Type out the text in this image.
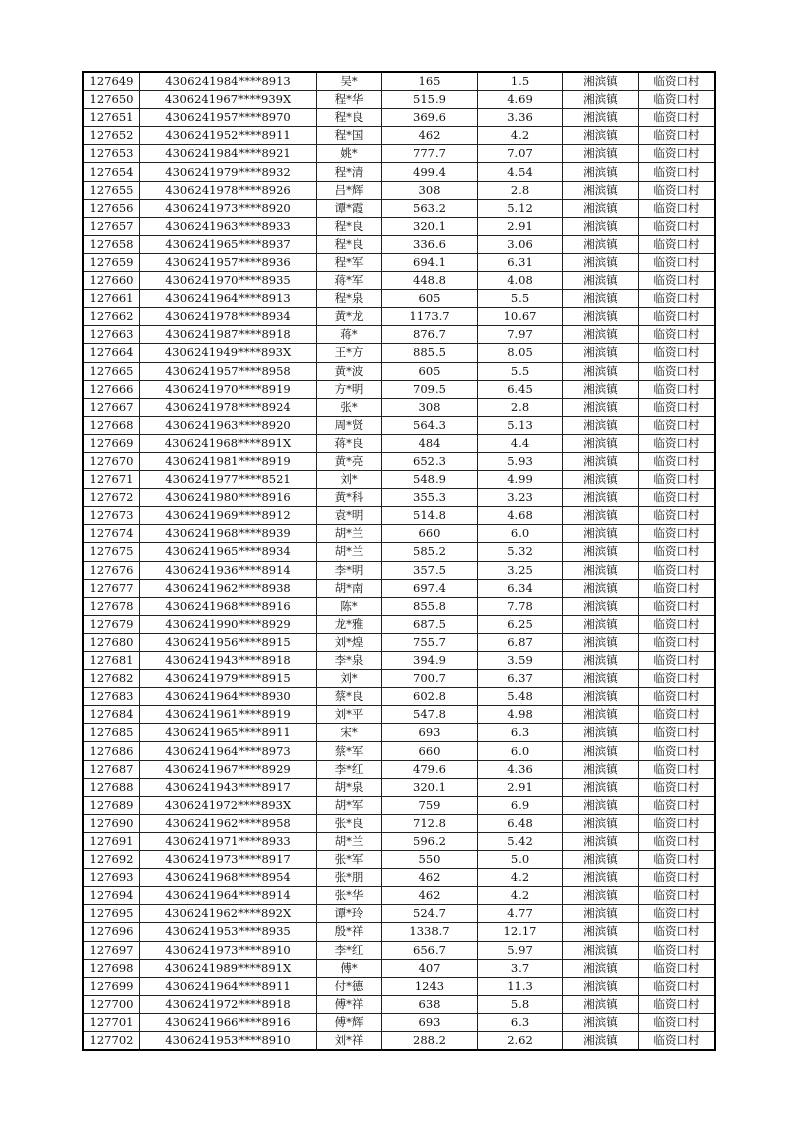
127649	4306241984****8913	吴*	165	1.5	湘滨镇	临资口村
127650	4306241967****939X	程*华	515.9	4.69	湘滨镇	临资口村
127651	4306241957****8970	程*良	369.6	3.36	湘滨镇	临资口村
127652	4306241952****8911	程*国	462	4.2	湘滨镇	临资口村
127653	4306241984****8921	姚*	777.7	7.07	湘滨镇	临资口村
127654	4306241979****8932	程*清	499.4	4.54	湘滨镇	临资口村
127655	4306241978****8926	吕*辉	308	2.8	湘滨镇	临资口村
127656	4306241973****8920	谭*霞	563.2	5.12	湘滨镇	临资口村
127657	4306241963****8933	程*良	320.1	2.91	湘滨镇	临资口村
127658	4306241965****8937	程*良	336.6	3.06	湘滨镇	临资口村
127659	4306241957****8936	程*军	694.1	6.31	湘滨镇	临资口村
127660	4306241970****8935	蒋*军	448.8	4.08	湘滨镇	临资口村
127661	4306241964****8913	程*泉	605	5.5	湘滨镇	临资口村
127662	4306241978****8934	黄*龙	1173.7	10.67	湘滨镇	临资口村
127663	4306241987****8918	蒋*	876.7	7.97	湘滨镇	临资口村
127664	4306241949****893X	王*方	885.5	8.05	湘滨镇	临资口村
127665	4306241957****8958	黄*波	605	5.5	湘滨镇	临资口村
127666	4306241970****8919	方*明	709.5	6.45	湘滨镇	临资口村
127667	4306241978****8924	张*	308	2.8	湘滨镇	临资口村
127668	4306241963****8920	周*贤	564.3	5.13	湘滨镇	临资口村
127669	4306241968****891X	蒋*良	484	4.4	湘滨镇	临资口村
127670	4306241981****8919	黄*亮	652.3	5.93	湘滨镇	临资口村
127671	4306241977****8521	刘*	548.9	4.99	湘滨镇	临资口村
127672	4306241980****8916	黄*科	355.3	3.23	湘滨镇	临资口村
127673	4306241969****8912	袁*明	514.8	4.68	湘滨镇	临资口村
127674	4306241968****8939	胡*兰	660	6.0	湘滨镇	临资口村
127675	4306241965****8934	胡*兰	585.2	5.32	湘滨镇	临资口村
127676	4306241936****8914	李*明	357.5	3.25	湘滨镇	临资口村
127677	4306241962****8938	胡*南	697.4	6.34	湘滨镇	临资口村
127678	4306241968****8916	陈*	855.8	7.78	湘滨镇	临资口村
127679	4306241990****8929	龙*雅	687.5	6.25	湘滨镇	临资口村
127680	4306241956****8915	刘*煌	755.7	6.87	湘滨镇	临资口村
127681	4306241943****8918	李*泉	394.9	3.59	湘滨镇	临资口村
127682	4306241979****8915	刘*	700.7	6.37	湘滨镇	临资口村
127683	4306241964****8930	蔡*良	602.8	5.48	湘滨镇	临资口村
127684	4306241961****8919	刘*平	547.8	4.98	湘滨镇	临资口村
127685	4306241965****8911	宋*	693	6.3	湘滨镇	临资口村
127686	4306241964****8973	蔡*军	660	6.0	湘滨镇	临资口村
127687	4306241967****8929	李*红	479.6	4.36	湘滨镇	临资口村
127688	4306241943****8917	胡*泉	320.1	2.91	湘滨镇	临资口村
127689	4306241972****893X	胡*军	759	6.9	湘滨镇	临资口村
127690	4306241962****8958	张*良	712.8	6.48	湘滨镇	临资口村
127691	4306241971****8933	胡*兰	596.2	5.42	湘滨镇	临资口村
127692	4306241973****8917	张*军	550	5.0	湘滨镇	临资口村
127693	4306241968****8954	张*朋	462	4.2	湘滨镇	临资口村
127694	4306241964****8914	张*华	462	4.2	湘滨镇	临资口村
127695	4306241962****892X	谭*玲	524.7	4.77	湘滨镇	临资口村
127696	4306241953****8935	殷*祥	1338.7	12.17	湘滨镇	临资口村
127697	4306241973****8910	李*红	656.7	5.97	湘滨镇	临资口村
127698	4306241989****891X	傅*	407	3.7	湘滨镇	临资口村
127699	4306241964****8911	付*德	1243	11.3	湘滨镇	临资口村
127700	4306241972****8918	傅*祥	638	5.8	湘滨镇	临资口村
127701	4306241966****8916	傅*辉	693	6.3	湘滨镇	临资口村
127702	4306241953****8910	刘*祥	288.2	2.62	湘滨镇	临资口村
